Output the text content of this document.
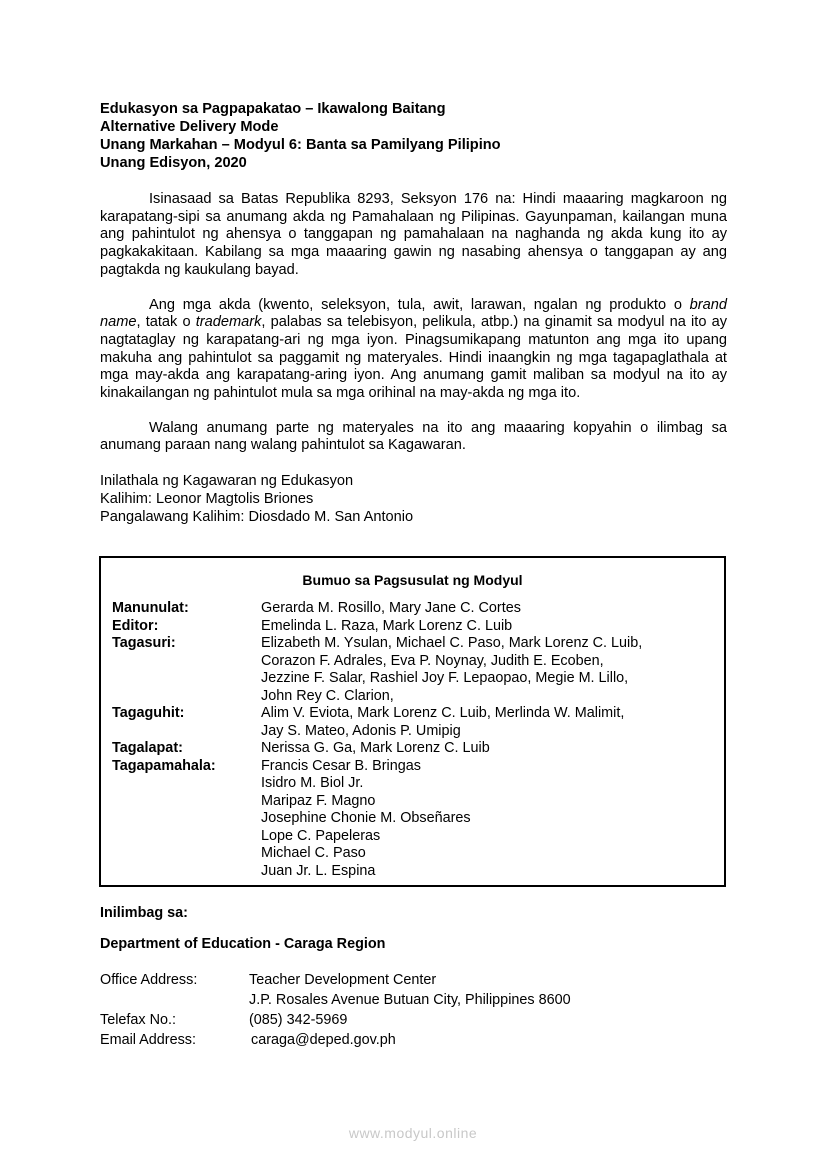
Edukasyon sa Pagpapakatao – Ikawalong Baitang
Alternative Delivery Mode
Unang Markahan – Modyul 6: Banta sa Pamilyang Pilipino
Unang Edisyon, 2020

Isinasaad sa Batas Republika 8293, Seksyon 176 na: Hindi maaaring magkaroon ng karapatang-sipi sa anumang akda ng Pamahalaan ng Pilipinas. Gayunpaman, kailangan muna ang pahintulot ng ahensya o tanggapan ng pamahalaan na naghanda ng akda kung ito ay pagkakakitaan. Kabilang sa mga maaaring gawin ng nasabing ahensya o tanggapan ay ang pagtakda ng kaukulang bayad.

Ang mga akda (kwento, seleksyon, tula, awit, larawan, ngalan ng produkto o brand name, tatak o trademark, palabas sa telebisyon, pelikula, atbp.) na ginamit sa modyul na ito ay nagtataglay ng karapatang-ari ng mga iyon. Pinagsumikapang matunton ang mga ito upang makuha ang pahintulot sa paggamit ng materyales. Hindi inaangkin ng mga tagapaglathala at mga may-akda ang karapatang-aring iyon. Ang anumang gamit maliban sa modyul na ito ay kinakailangan ng pahintulot mula sa mga orihinal na may-akda ng mga ito.

Walang anumang parte ng materyales na ito ang maaaring kopyahin o ilimbag sa anumang paraan nang walang pahintulot sa Kagawaran.

Inilathala ng Kagawaran ng Edukasyon
Kalihim: Leonor Magtolis Briones
Pangalawang Kalihim: Diosdado M. San Antonio
Bumuo sa Pagsusulat ng Modyul
Manunulat:	Gerarda M. Rosillo, Mary Jane C. Cortes
Editor:	Emelinda L. Raza, Mark Lorenz C. Luib
Tagasuri:	Elizabeth M. Ysulan, Michael C. Paso, Mark Lorenz C. Luib,
Corazon F. Adrales, Eva P. Noynay, Judith E. Ecoben,
Jezzine F. Salar, Rashiel Joy F. Lepaopao, Megie M. Lillo,
John Rey C. Clarion,
Tagaguhit:	Alim V. Eviota, Mark Lorenz C. Luib, Merlinda W. Malimit,
Jay S. Mateo, Adonis P. Umipig
Tagalapat:	Nerissa G. Ga, Mark Lorenz C. Luib
Tagapamahala:	Francis Cesar B. Bringas
Isidro M. Biol Jr.
Maripaz F. Magno
Josephine Chonie M. Obseñares
Lope C. Papeleras
Michael C. Paso
Juan Jr. L. Espina
Inilimbag sa:
Department of Education - Caraga Region
Office Address:	Teacher Development Center
J.P. Rosales Avenue Butuan City, Philippines 8600
Telefax No.:	(085) 342-5969
Email Address:	caraga@deped.gov.ph
www.modyul.online
